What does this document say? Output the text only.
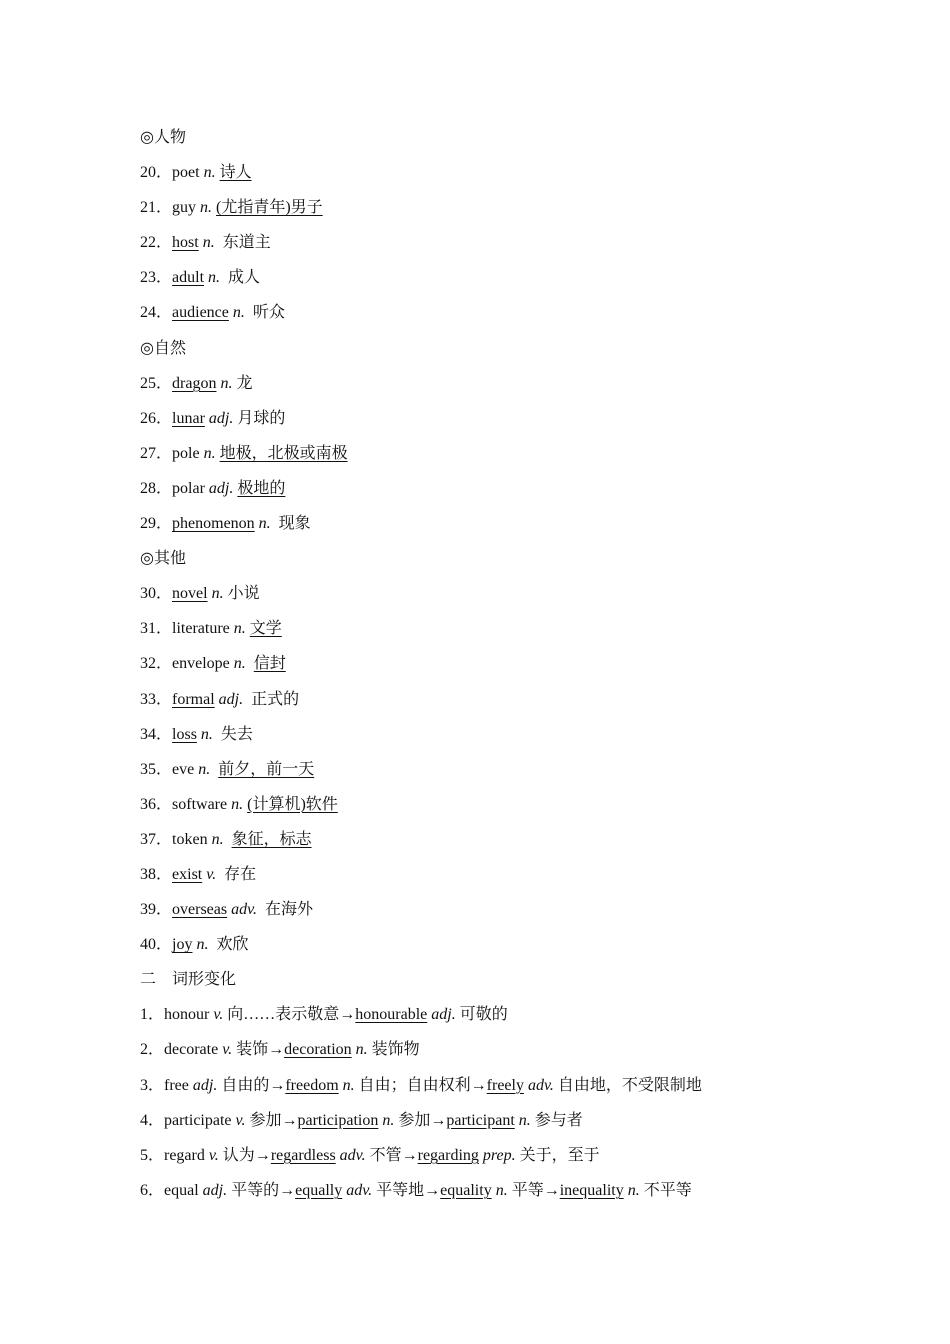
◎人物
20．poet n. 诗人
21．guy n. (尤指青年)男子
22．host n.  东道主
23．adult n.  成人
24．audience n.  听众
◎自然
25．dragon n. 龙
26．lunar adj. 月球的
27．pole n. 地极，北极或南极
28．polar adj. 极地的
29．phenomenon n.  现象
◎其他
30．novel n. 小说
31．literature n. 文学
32．envelope n. 信封
33．formal adj.  正式的
34．loss n.  失去
35．eve n. 前夕，前一天
36．software n. (计算机)软件
37．token n. 象征，标志
38．exist v.  存在
39．overseas adv.  在海外
40．joy n.  欢欣
二　词形变化
1．honour v. 向……表示敬意→honourable adj. 可敬的
2．decorate v. 装饰→decoration n. 装饰物
3．free adj. 自由的→freedom n. 自由；自由权利→freely adv. 自由地，不受限制地
4．participate v. 参加→participation n. 参加→participant n. 参与者
5．regard v. 认为→regardless adv. 不管→regarding prep. 关于，至于
6．equal adj. 平等的→equally adv. 平等地→equality n. 平等→inequality n. 不平等
